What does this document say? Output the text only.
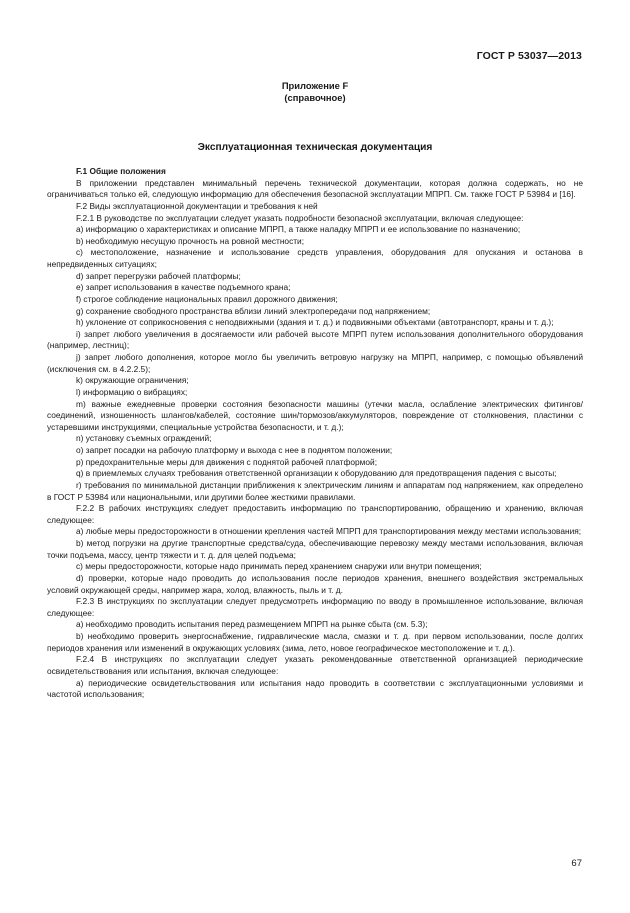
ГОСТ Р 53037—2013
Приложение F
(справочное)
Эксплуатационная техническая документация

F.1 Общие положения

В приложении представлен минимальный перечень технической документации, которая должна содержать, но не ограничиваться только ей, следующую информацию для обеспечения безопасной эксплуатации МПРП. См. также ГОСТ Р 53984 и [16].

F.2 Виды эксплуатационной документации и требования к ней

F.2.1 В руководстве по эксплуатации следует указать подробности безопасной эксплуатации, включая следующее:

a) информацию о характеристиках и описание МПРП, а также наладку МПРП и ее использование по назначению;

b) необходимую несущую прочность на ровной местности;

c) местоположение, назначение и использование средств управления, оборудования для опускания и останова в непредвиденных ситуациях;

d) запрет перегрузки рабочей платформы;

e) запрет использования в качестве подъемного крана;

f) строгое соблюдение национальных правил дорожного движения;

g) сохранение свободного пространства вблизи линий электропередачи под напряжением;

h) уклонение от соприкосновения с неподвижными (здания и т. д.) и подвижными объектами (автотранспорт, краны и т. д.);

i) запрет любого увеличения в досягаемости или рабочей высоте МПРП путем использования дополнительного оборудования (например, лестниц);

j) запрет любого дополнения, которое могло бы увеличить ветровую нагрузку на МПРП, например, с помощью объявлений (исключения см. в 4.2.2.5);

k) окружающие ограничения;

l) информацию о вибрациях;

m) важные ежедневные проверки состояния безопасности машины (утечки масла, ослабление электрических фитингов/соединений, изношенность шлангов/кабелей, состояние шин/тормозов/аккумуляторов, повреждение от столкновения, пластинки с устаревшими инструкциями, специальные устройства безопасности, и т. д.);

n) установку съемных ограждений;

o) запрет посадки на рабочую платформу и выхода с нее в поднятом положении;

p) предохранительные меры для движения с поднятой рабочей платформой;

q) в приемлемых случаях требования ответственной организации к оборудованию для предотвращения падения с высоты;

r) требования по минимальной дистанции приближения к электрическим линиям и аппаратам под напряжением, как определено в ГОСТ Р 53984 или национальными, или другими более жесткими правилами.

F.2.2 В рабочих инструкциях следует предоставить информацию по транспортированию, обращению и хранению, включая следующее:

a) любые меры предосторожности в отношении крепления частей МПРП для транспортирования между местами использования;

b) метод погрузки на другие транспортные средства/суда, обеспечивающие перевозку между местами использования, включая точки подъема, массу, центр тяжести и т. д. для целей подъема;

c) меры предосторожности, которые надо принимать перед хранением снаружи или внутри помещения;

d) проверки, которые надо проводить до использования после периодов хранения, внешнего воздействия экстремальных условий окружающей среды, например жара, холод, влажность, пыль и т. д.

F.2.3 В инструкциях по эксплуатации следует предусмотреть информацию по вводу в промышленное использование, включая следующее:

a) необходимо проводить испытания перед размещением МПРП на рынке сбыта (см. 5.3);

b) необходимо проверить энергоснабжение, гидравлические масла, смазки и т. д. при первом использовании, после долгих периодов хранения или изменений в окружающих условиях (зима, лето, новое географическое местоположение и т. д.).

F.2.4 В инструкциях по эксплуатации следует указать рекомендованные ответственной организацией периодические освидетельствования или испытания, включая следующее:

a) периодические освидетельствования или испытания надо проводить в соответствии с эксплуатационными условиями и частотой использования;

67
